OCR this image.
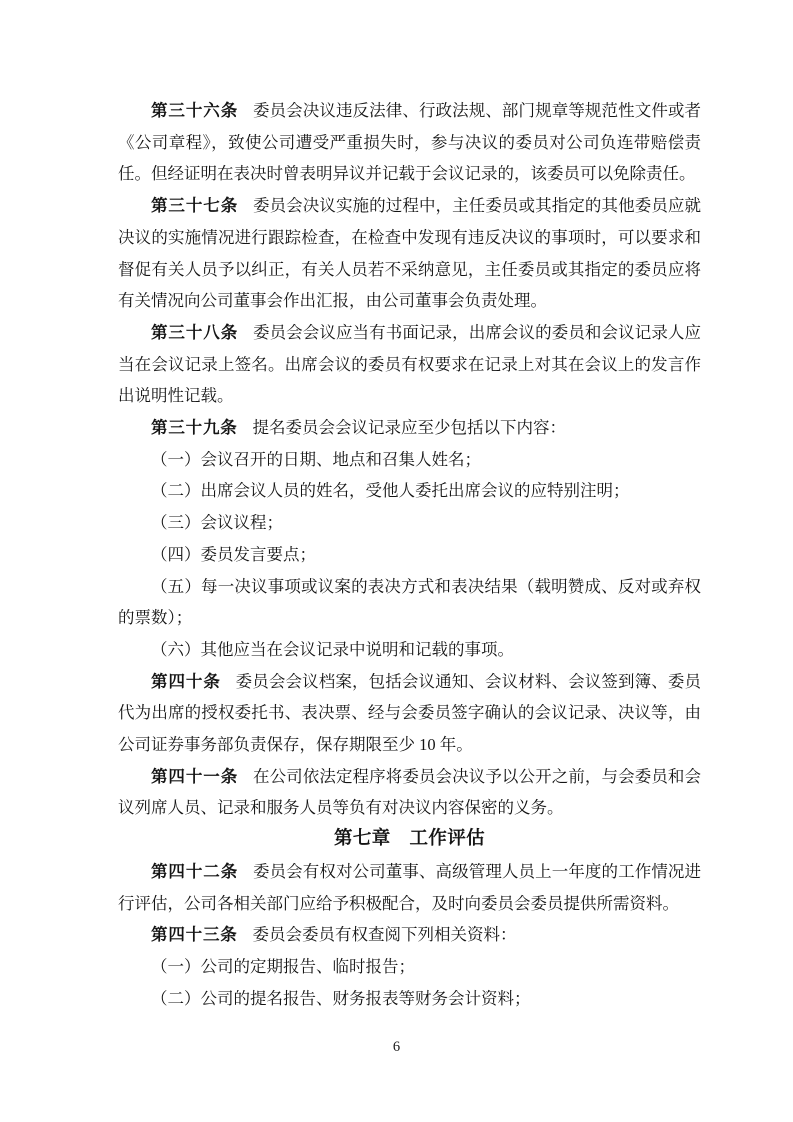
第三十六条 委员会决议违反法律、行政法规、部门规章等规范性文件或者《公司章程》，致使公司遭受严重损失时，参与决议的委员对公司负连带赔偿责任。但经证明在表决时曾表明异议并记载于会议记录的，该委员可以免除责任。

第三十七条 委员会决议实施的过程中，主任委员或其指定的其他委员应就决议的实施情况进行跟踪检查，在检查中发现有违反决议的事项时，可以要求和督促有关人员予以纠正，有关人员若不采纳意见，主任委员或其指定的委员应将有关情况向公司董事会作出汇报，由公司董事会负责处理。

第三十八条 委员会会议应当有书面记录，出席会议的委员和会议记录人应当在会议记录上签名。出席会议的委员有权要求在记录上对其在会议上的发言作出说明性记载。

第三十九条 提名委员会会议记录应至少包括以下内容：

（一）会议召开的日期、地点和召集人姓名；

（二）出席会议人员的姓名，受他人委托出席会议的应特别注明；

（三）会议议程；

（四）委员发言要点；

（五）每一决议事项或议案的表决方式和表决结果（载明赞成、反对或弃权的票数）；

（六）其他应当在会议记录中说明和记载的事项。

第四十条 委员会会议档案，包括会议通知、会议材料、会议签到簿、委员代为出席的授权委托书、表决票、经与会委员签字确认的会议记录、决议等，由公司证券事务部负责保存，保存期限至少 10 年。

第四十一条 在公司依法定程序将委员会决议予以公开之前，与会委员和会议列席人员、记录和服务人员等负有对决议内容保密的义务。

第七章　工作评估

第四十二条 委员会有权对公司董事、高级管理人员上一年度的工作情况进行评估，公司各相关部门应给予积极配合，及时向委员会委员提供所需资料。

第四十三条 委员会委员有权查阅下列相关资料：

（一）公司的定期报告、临时报告；

（二）公司的提名报告、财务报表等财务会计资料；

6
